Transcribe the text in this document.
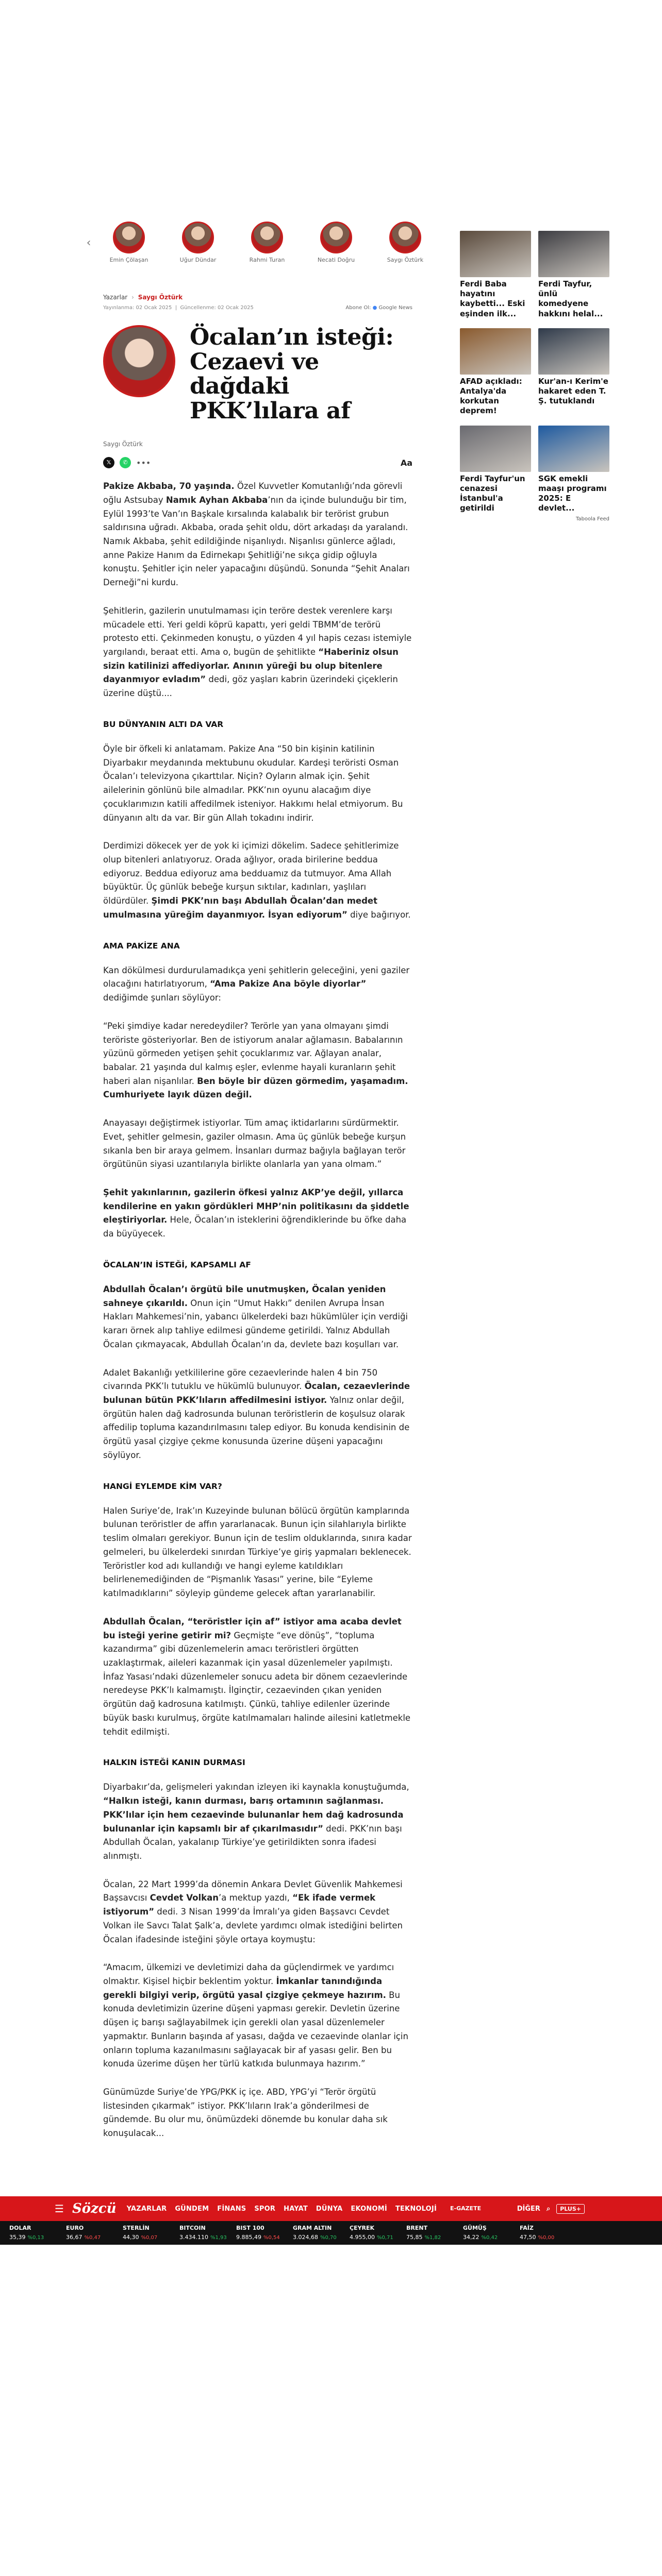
‹
Emin Çölaşan	Uğur Dündar	Rahmi Turan	Necati Doğru	Saygı Öztürk
Yazarlar › Saygı Öztürk
Yayınlanma: 02 Ocak 2025  |  Güncellenme: 02 Ocak 2025	Abone Ol: ● Google News
Öcalan’ın isteği: Cezaevi ve dağdaki PKK’lılara af
Saygı Öztürk
𝕏	✆	•••	Aa

Pakize Akbaba, 70 yaşında. Özel Kuvvetler Komutanlığı’nda görevli oğlu Astsubay Namık Ayhan Akbaba’nın da içinde bulunduğu bir tim, Eylül 1993’te Van’ın Başkale kırsalında kalabalık bir terörist grubun saldırısına uğradı. Akbaba, orada şehit oldu, dört arkadaşı da yaralandı. Namık Akbaba, şehit edildiğinde nişanlıydı. Nişanlısı günlerce ağladı, anne Pakize Hanım da Edirnekapı Şehitliği’ne sıkça gidip oğluyla konuştu. Şehitler için neler yapacağını düşündü. Sonunda “Şehit Anaları Derneği”ni kurdu.

Şehitlerin, gazilerin unutulmaması için teröre destek verenlere karşı mücadele etti. Yeri geldi köprü kapattı, yeri geldi TBMM’de terörü protesto etti. Çekinmeden konuştu, o yüzden 4 yıl hapis cezası istemiyle yargılandı, beraat etti. Ama o, bugün de şehitlikte “Haberiniz olsun sizin katilinizi affediyorlar. Anının yüreği bu olup bitenlere dayanmıyor evladım” dedi, göz yaşları kabrin üzerindeki çiçeklerin üzerine düştü....

BU DÜNYANIN ALTI DA VAR

Öyle bir öfkeli ki anlatamam. Pakize Ana “50 bin kişinin katilinin Diyarbakır meydanında mektubunu okudular. Kardeşi teröristi Osman Öcalan’ı televizyona çıkarttılar. Niçin? Oyların almak için. Şehit ailelerinin gönlünü bile almadılar. PKK’nın oyunu alacağım diye çocuklarımızın katili affedilmek isteniyor. Hakkımı helal etmiyorum. Bu dünyanın altı da var. Bir gün Allah tokadını indirir.

Derdimizi dökecek yer de yok ki içimizi dökelim. Sadece şehitlerimize olup bitenleri anlatıyoruz. Orada ağlıyor, orada birilerine beddua ediyoruz. Beddua ediyoruz ama bedduamız da tutmuyor. Ama Allah büyüktür. Üç günlük bebeğe kurşun sıktılar, kadınları, yaşlıları öldürdüler. Şimdi PKK’nın başı Abdullah Öcalan’dan medet umulmasına yüreğim dayanmıyor. İsyan ediyorum” diye bağırıyor.

AMA PAKİZE ANA

Kan dökülmesi durdurulamadıkça yeni şehitlerin geleceğini, yeni gaziler olacağını hatırlatıyorum, “Ama Pakize Ana böyle diyorlar” dediğimde şunları söylüyor:

“Peki şimdiye kadar neredeydiler? Terörle yan yana olmayanı şimdi teröriste gösteriyorlar. Ben de istiyorum analar ağlamasın. Babalarının yüzünü görmeden yetişen şehit çocuklarımız var. Ağlayan analar, babalar. 21 yaşında dul kalmış eşler, evlenme hayali kuranların şehit haberi alan nişanlılar. Ben böyle bir düzen görmedim, yaşamadım. Cumhuriyete layık düzen değil.

Anayasayı değiştirmek istiyorlar. Tüm amaç iktidarlarını sürdürmektir. Evet, şehitler gelmesin, gaziler olmasın. Ama üç günlük bebeğe kurşun sıkanla ben bir araya gelmem. İnsanları durmaz bağıyla bağlayan terör örgütünün siyasi uzantılarıyla birlikte olanlarla yan yana olmam.”

Şehit yakınlarının, gazilerin öfkesi yalnız AKP’ye değil, yıllarca kendilerine en yakın gördükleri MHP’nin politikasını da şiddetle eleştiriyorlar. Hele, Öcalan’ın isteklerini öğrendiklerinde bu öfke daha da büyüyecek.

ÖCALAN’IN İSTEĞİ, KAPSAMLI AF

Abdullah Öcalan’ı örgütü bile unutmuşken, Öcalan yeniden sahneye çıkarıldı. Onun için “Umut Hakkı” denilen Avrupa İnsan Hakları Mahkemesi’nin, yabancı ülkelerdeki bazı hükümlüler için verdiği kararı örnek alıp tahliye edilmesi gündeme getirildi. Yalnız Abdullah Öcalan çıkmayacak, Abdullah Öcalan’ın da, devlete bazı koşulları var.

Adalet Bakanlığı yetkililerine göre cezaevlerinde halen 4 bin 750 civarında PKK’lı tutuklu ve hükümlü bulunuyor. Öcalan, cezaevlerinde bulunan bütün PKK’lıların affedilmesini istiyor. Yalnız onlar değil, örgütün halen dağ kadrosunda bulunan teröristlerin de koşulsuz olarak affedilip topluma kazandırılmasını talep ediyor. Bu konuda kendisinin de örgütü yasal çizgiye çekme konusunda üzerine düşeni yapacağını söylüyor.

HANGİ EYLEMDE KİM VAR?

Halen Suriye’de, Irak’ın Kuzeyinde bulunan bölücü örgütün kamplarında bulunan teröristler de affın yararlanacak. Bunun için silahlarıyla birlikte teslim olmaları gerekiyor. Bunun için de teslim olduklarında, sınıra kadar gelmeleri, bu ülkelerdeki sınırdan Türkiye’ye giriş yapmaları beklenecek. Teröristler kod adı kullandığı ve hangi eyleme katıldıkları belirlenemediğinden de “Pişmanlık Yasası” yerine, bile “Eyleme katılmadıklarını” söyleyip gündeme gelecek aftan yararlanabilir.

Abdullah Öcalan, “teröristler için af” istiyor ama acaba devlet bu isteği yerine getirir mi? Geçmişte “eve dönüş”, “topluma kazandırma” gibi düzenlemelerin amacı teröristleri örgütten uzaklaştırmak, aileleri kazanmak için yasal düzenlemeler yapılmıştı. İnfaz Yasası’ndaki düzenlemeler sonucu adeta bir dönem cezaevlerinde neredeyse PKK’lı kalmamıştı. İlginçtir, cezaevinden çıkan yeniden örgütün dağ kadrosuna katılmıştı. Çünkü, tahliye edilenler üzerinde büyük baskı kurulmuş, örgüte katılmamaları halinde ailesini katletmekle tehdit edilmişti.

HALKIN İSTEĞİ KANIN DURMASI

Diyarbakır’da, gelişmeleri yakından izleyen iki kaynakla konuştuğumda, “Halkın isteği, kanın durması, barış ortamının sağlanması. PKK’lılar için hem cezaevinde bulunanlar hem dağ kadrosunda bulunanlar için kapsamlı bir af çıkarılmasıdır” dedi. PKK’nın başı Abdullah Öcalan, yakalanıp Türkiye’ye getirildikten sonra ifadesi alınmıştı.

Öcalan, 22 Mart 1999’da dönemin Ankara Devlet Güvenlik Mahkemesi Başsavcısı Cevdet Volkan’a mektup yazdı, “Ek ifade vermek istiyorum” dedi. 3 Nisan 1999’da İmralı’ya giden Başsavcı Cevdet Volkan ile Savcı Talat Şalk’a, devlete yardımcı olmak istediğini belirten Öcalan ifadesinde isteğini şöyle ortaya koymuştu:

“Amacım, ülkemizi ve devletimizi daha da güçlendirmek ve yardımcı olmaktır. Kişisel hiçbir beklentim yoktur. İmkanlar tanındığında gerekli bilgiyi verip, örgütü yasal çizgiye çekmeye hazırım. Bu konuda devletimizin üzerine düşeni yapması gerekir. Devletin üzerine düşen iç barışı sağlayabilmek için gerekli olan yasal düzenlemeler yapmaktır. Bunların başında af yasası, dağda ve cezaevinde olanlar için onların topluma kazanılmasını sağlayacak bir af yasası gelir. Ben bu konuda üzerime düşen her türlü katkıda bulunmaya hazırım.”

Günümüzde Suriye’de YPG/PKK iç içe. ABD, YPG’yi “Terör örgütü listesinden çıkarmak” istiyor. PKK’lıların Irak’a gönderilmesi de gündemde. Bu olur mu, önümüzdeki dönemde bu konular daha sık konuşulacak...

Ferdi Baba hayatını kaybetti... Eski eşinden ilk...
Ferdi Tayfur, ünlü komedyene hakkını helal...
AFAD açıkladı: Antalya'da korkutan deprem!
Kur'an-ı Kerim'e hakaret eden T. Ş. tutuklandı
Ferdi Tayfur'un cenazesi İstanbul'a getirildi
SGK emekli maaşı programı 2025: E devlet...
Taboola Feed
☰ Sözcü YAZARLAR GÜNDEM FİNANS SPOR HAYAT DÜNYA EKONOMİ TEKNOLOJİ E-GAZETE	DİĞER ⌕	PLUS+
DOLAR
35,39 %0,13
EURO
36,67 %0,47
STERLİN
44,30 %0,07
BITCOIN
3.434.110 %1,93
BIST 100
9.885,49 %0,54
GRAM ALTIN
3.024,68 %0,70
ÇEYREK
4.955,00 %0,71
BRENT
75,85 %1,82
GÜMÜŞ
34,22 %0,42
FAİZ
47,50 %0,00
